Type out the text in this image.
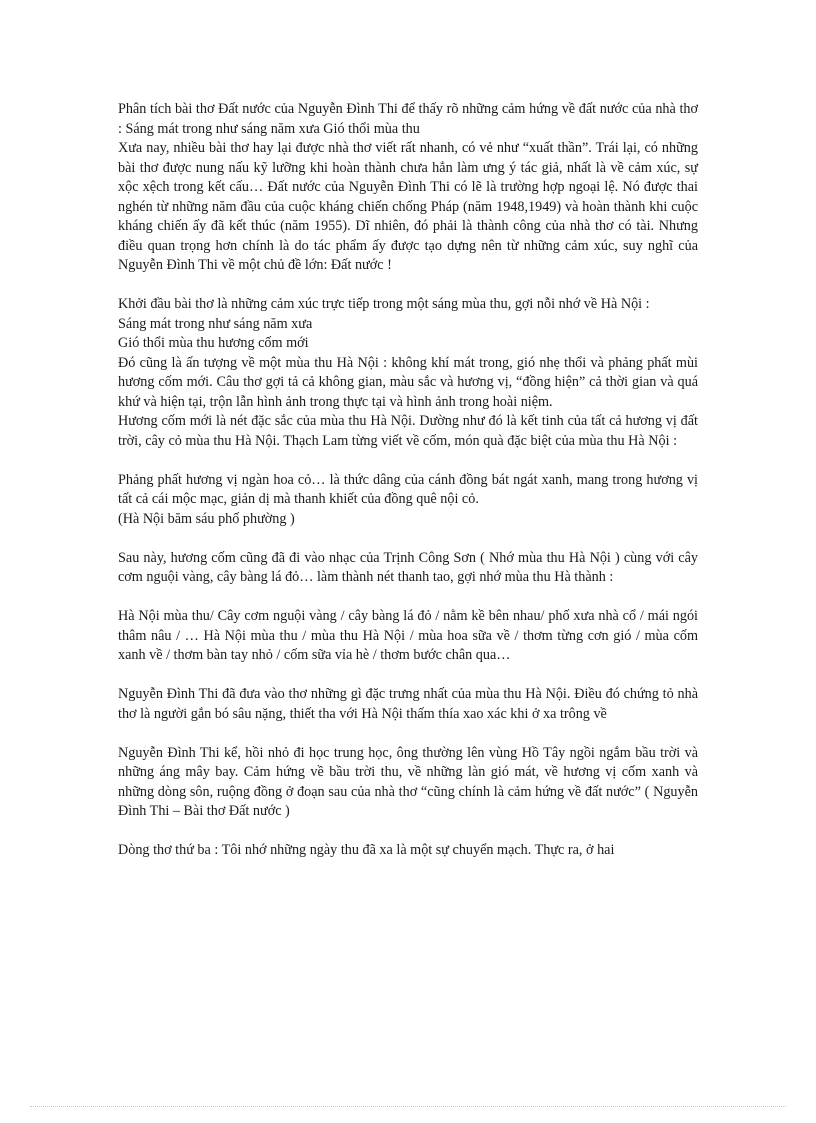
Phân tích bài thơ Đất nước của Nguyễn Đình Thi để thấy rõ những cảm hứng về đất nước của nhà thơ : Sáng mát trong như sáng năm xưa Gió thổi mùa thu

Xưa nay, nhiều bài thơ hay lại được nhà thơ viết rất nhanh, có vẻ như “xuất thần”. Trái lại, có những bài thơ được nung nấu kỹ lưỡng khi hoàn thành chưa hẳn làm ưng ý tác giả, nhất là về cảm xúc, sự xộc xệch trong kết cấu… Đất nước của Nguyễn Đình Thi có lẽ là trường hợp ngoại lệ. Nó được thai nghén từ những năm đầu của cuộc kháng chiến chống Pháp (năm 1948,1949) và hoàn thành khi cuộc kháng chiến ấy đã kết thúc (năm 1955). Dĩ nhiên, đó phải là thành công của nhà thơ có tài. Nhưng điều quan trọng hơn chính là do tác phẩm ấy được tạo dựng nên từ những cảm xúc, suy nghĩ của Nguyễn Đình Thi về một chủ đề lớn: Đất nước !

Khởi đầu bài thơ là những cảm xúc trực tiếp trong một sáng mùa thu, gợi nỗi nhớ về Hà Nội :

Sáng mát trong như sáng năm xưa

Gió thổi mùa thu hương cốm mới

Đó cũng là ấn tượng về một mùa thu Hà Nội : không khí mát trong, gió nhẹ thổi và phảng phất mùi hương cốm mới. Câu thơ gợi tả cả không gian, màu sắc và hương vị, “đồng hiện” cả thời gian và quá khứ và hiện tại, trộn lẫn hình ảnh trong thực tại và hình ảnh trong hoài niệm.

Hương cốm mới là nét đặc sắc của mùa thu Hà Nội. Dường như đó là kết tinh của tất cả hương vị đất trời, cây cỏ mùa thu Hà Nội. Thạch Lam từng viết về cốm, món quà đặc biệt của mùa thu Hà Nội :

Phảng phất hương vị ngàn hoa cỏ… là thức dâng của cánh đồng bát ngát xanh, mang trong hương vị tất cả cái mộc mạc, giản dị mà thanh khiết của đồng quê nội cỏ.

(Hà Nội băm sáu phố phường )

Sau này, hương cốm cũng đã đi vào nhạc của Trịnh Công Sơn ( Nhớ mùa thu Hà Nội ) cùng với cây cơm nguội vàng, cây bàng lá đỏ… làm thành nét thanh tao, gợi nhớ mùa thu Hà thành :

Hà Nội mùa thu/ Cây cơm nguội vàng / cây bàng lá đỏ / nằm kề bên nhau/ phố xưa nhà cổ / mái ngói thâm nâu / … Hà Nội mùa thu / mùa thu Hà Nội / mùa hoa sữa về / thơm từng cơn gió / mùa cốm xanh về / thơm bàn tay nhỏ / cốm sữa vỉa hè / thơm bước chân qua…

Nguyễn Đình Thi đã đưa vào thơ những gì đặc trưng nhất của mùa thu Hà Nội. Điều đó chứng tỏ nhà thơ là người gắn bó sâu nặng, thiết tha với Hà Nội thấm thía xao xác khi ở xa trông về

Nguyễn Đình Thi kể, hồi nhỏ đi học trung học, ông thường lên vùng Hồ Tây ngồi ngắm bầu trời và những áng mây bay. Cảm hứng về bầu trời thu, về những làn gió mát, về hương vị cốm xanh và những dòng sôn, ruộng đồng ở đoạn sau của nhà thơ “cũng chính là cảm hứng về đất nước” ( Nguyễn Đình Thi – Bài thơ Đất nước )

Dòng thơ thứ ba : Tôi nhớ những ngày thu đã xa là một sự chuyển mạch. Thực ra, ở hai
